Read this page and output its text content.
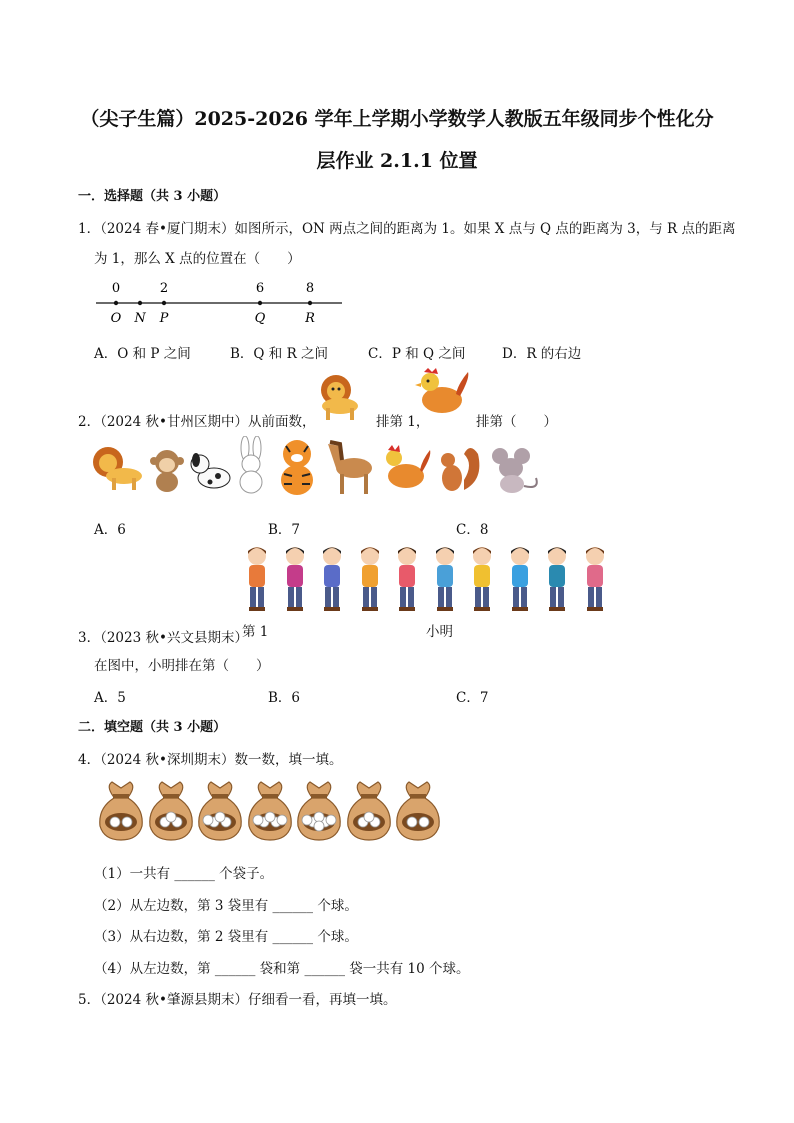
（尖子生篇）2025-2026 学年上学期小学数学人教版五年级同步个性化分
层作业 2.1.1 位置
一．选择题（共 3 小题）
1．（2024 春•厦门期末）如图所示，ON 两点之间的距离为 1。如果 X 点与 Q 点的距离为 3，与 R 点的距离
为 1，那么 X 点的位置在（　　）
O N P	Q	R
0	2	6	8
A．O 和 P 之间	B．Q 和 R 之间	C．P 和 Q 之间	D．R 的右边
2．（2024 秋•甘州区期中）从前面数，	排第 1，	排第（　　）
A．6	B．7	C．8
第 1	小明
3．（2023 秋•兴文县期末）
在图中，小明排在第（　　）
A．5	B．6	C．7
二．填空题（共 3 小题）
4．（2024 秋•深圳期末）数一数，填一填。
（1）一共有 ______ 个袋子。
（2）从左边数，第 3 袋里有 ______ 个球。
（3）从右边数，第 2 袋里有 ______ 个球。
（4）从左边数，第 ______ 袋和第 ______ 袋一共有 10 个球。
5．（2024 秋•肇源县期末）仔细看一看，再填一填。
